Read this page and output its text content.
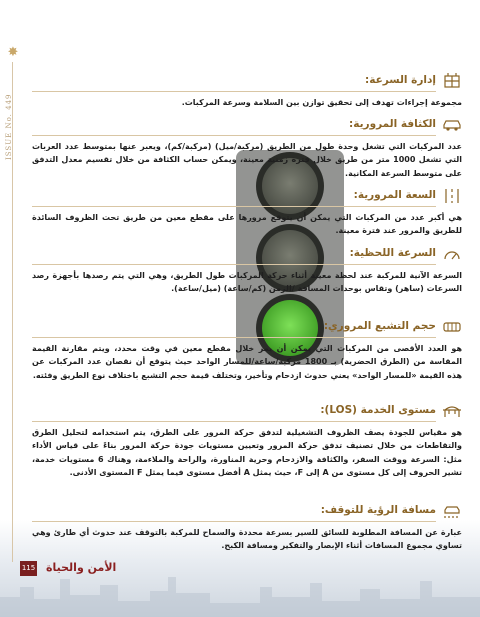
✸
ISSUE No. 449
إدارة السرعة:
مجموعة إجراءات تهدف إلى تحقيق توازن بين السلامة وسرعة المركبات.
الكثافة المرورية:
عدد المركبات التي تشغل وحدة طول من الطريق (مركبة/ميل) (مركبة/كم)، ويعبر عنها بمتوسط عدد العربات التي تشغل 1000 متر من طريق خلال فترة زمنية معينة، ويمكن حساب الكثافة من خلال تقسيم معدل التدفق على متوسط السرعة المكانية.
السعة المرورية:
هي أكبر عدد من المركبات التي يمكن أن يتوقع مرورها على مقطع معين من طريق تحت الظروف السائدة للطريق والمرور عند فترة معينة.
السرعة اللحظية:
السرعة الآنية للمركبة عند لحظة معينة أثناء حركة المركبات طول الطريق، وهي التي يتم رصدها بأجهزة رصد السرعات (ساهر) وتقاس بوحدات المسافة /الزمن (كم/ساعة) (ميل/ساعة).
حجم التشبع المروري:
هو العدد الأقصى من المركبات التي يمكن أن يمر خلال مقطع معين في وقت محدد، ويتم مقارنة القيمة المقاسة من (الطرق الحضرية) بـ 1800 مركبة/ساعة/للمسار الواحد حيث يتوقع أن نقصان عدد المركبات عن هذه القيمة «للمسار الواحد» يعني حدوث ازدحام وتأخير، وتختلف قيمة حجم التشبع باختلاف نوع الطريق وفئته.
مستوى الخدمة (LOS):
هو مقياس للجودة يصف الظروف التشغيلية لتدفق حركة المرور على الطرق، يتم استخدامه لتحليل الطرق والتقاطعات من خلال تصنيف تدفق حركة المرور وتعيين مستويات جودة حركة المرور بناءً على قياس الأداء مثل: السرعة ووقت السفر، والكثافة والازدحام وحرية المناورة، والراحة والملاءمة، وهناك 6 مستويات خدمة، تشير الحروف إلى كل مستوى من A إلى F، حيث يمثل A أفضل مستوى فيما يمثل F المستوى الأدنى.
مسافة الرؤية للتوقف:
عبارة عن المسافة المطلوبة للسائق للسير بسرعة محددة والسماح للمركبة بالتوقف عند حدوث أي طارئ وهي تساوي مجموع المسافات أثناء الإبصار والتفكير ومسافة الكبح.
115 الأمن والحياة
